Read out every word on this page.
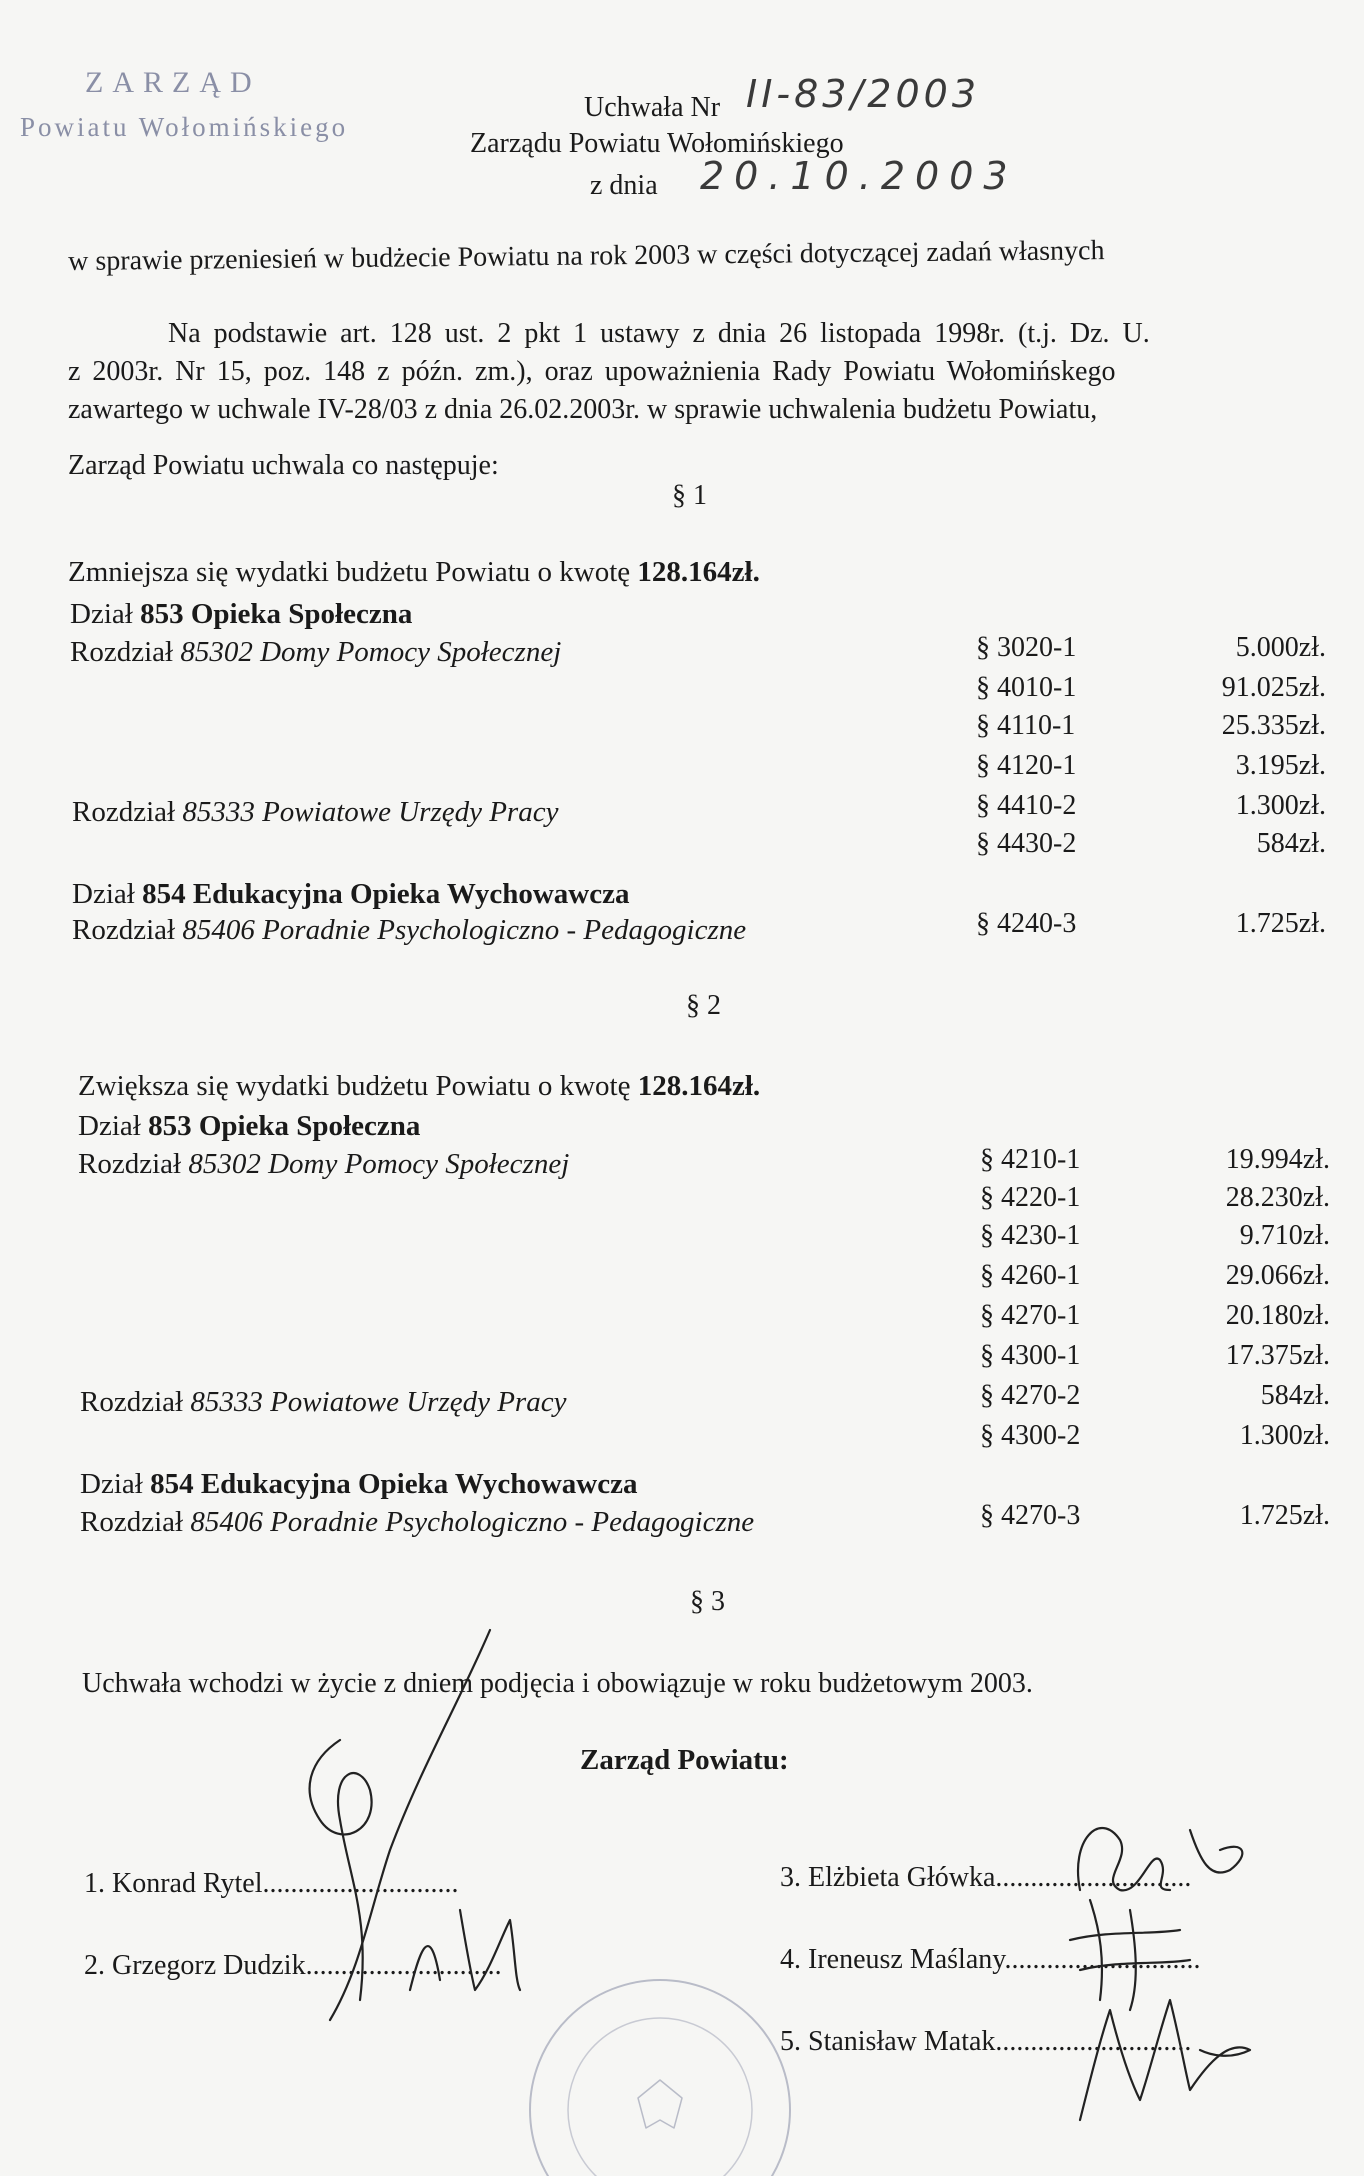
ZARZĄD
Powiatu Wołomińskiego
Uchwała Nr II-83/2003
Zarządu Powiatu Wołomińskiego
z dnia 20.10.2003
w sprawie przeniesień w budżecie Powiatu na rok 2003 w części dotyczącej zadań własnych
Na podstawie art. 128 ust. 2 pkt 1 ustawy z dnia 26 listopada 1998r. (t.j. Dz. U.
z 2003r. Nr 15, poz. 148 z późn. zm.), oraz upoważnienia Rady Powiatu Wołomińskego
zawartego w uchwale IV-28/03 z dnia 26.02.2003r. w sprawie uchwalenia budżetu Powiatu,
Zarząd Powiatu uchwala co następuje:
§ 1
Zmniejsza się wydatki budżetu Powiatu o kwotę 128.164zł.
Dział 853 Opieka Społeczna
Rozdział 85302 Domy Pomocy Społecznej
Rozdział 85333 Powiatowe Urzędy Pracy
Dział 854 Edukacyjna Opieka Wychowawcza
Rozdział 85406 Poradnie Psychologiczno - Pedagogiczne
§ 3020-1	5.000zł.
§ 4010-1	91.025zł.
§ 4110-1	25.335zł.
§ 4120-1	3.195zł.
§ 4410-2	1.300zł.
§ 4430-2	584zł.
§ 4240-3	1.725zł.
§ 2
Zwiększa się wydatki budżetu Powiatu o kwotę 128.164zł.
Dział 853 Opieka Społeczna
Rozdział 85302 Domy Pomocy Społecznej
Rozdział 85333 Powiatowe Urzędy Pracy
Dział 854 Edukacyjna Opieka Wychowawcza
Rozdział 85406 Poradnie Psychologiczno - Pedagogiczne
§ 4210-1	19.994zł.
§ 4220-1	28.230zł.
§ 4230-1	9.710zł.
§ 4260-1	29.066zł.
§ 4270-1	20.180zł.
§ 4300-1	17.375zł.
§ 4270-2	584zł.
§ 4300-2	1.300zł.
§ 4270-3	1.725zł.
§ 3
Uchwała wchodzi w życie z dniem podjęcia i obowiązuje w roku budżetowym 2003.
Zarząd Powiatu:
1. Konrad Rytel............................
2. Grzegorz Dudzik............................
3. Elżbieta Główka............................
4. Ireneusz Maślany............................
5. Stanisław Matak............................
